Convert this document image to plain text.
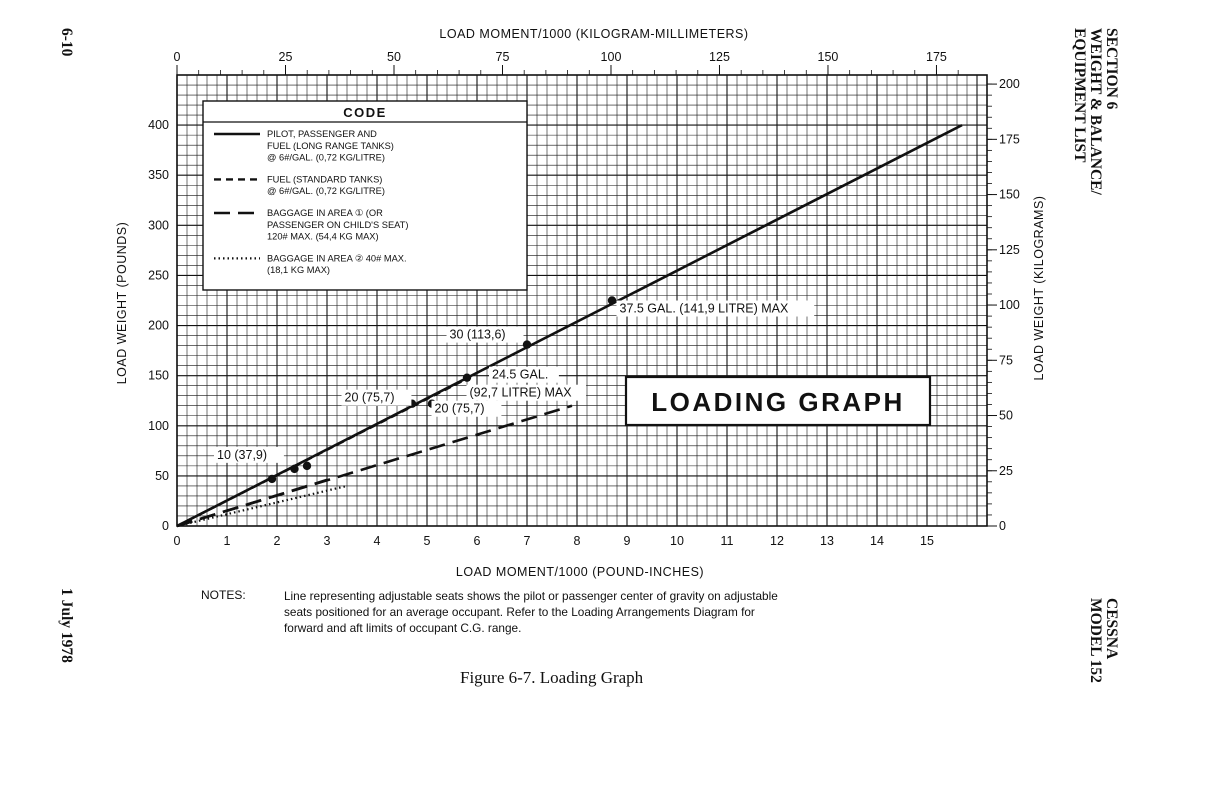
0	1	2	3	4	5	6	7	8	9	10	11	12	13	14	15
0
50
100
150
200
250
300
350
400
0	25	50	75	100	125	150	175
0
25
50
75
100
125
150
175
200
37.5 GAL. (141,9 LITRE) MAX
30 (113,6)
24.5 GAL.
(92,7 LITRE) MAX
20 (75,7)
20 (75,7)
10 (37,9)
LOAD MOMENT/1000 (KILOGRAM-MILLIMETERS)
LOAD MOMENT/1000 (POUND-INCHES)
LOAD WEIGHT (POUNDS)	LOAD WEIGHT (KILOGRAMS)
CODE
PILOT, PASSENGER AND
FUEL (LONG RANGE TANKS)
@ 6#/GAL. (0,72 KG/LITRE)
FUEL (STANDARD TANKS)
@ 6#/GAL. (0,72 KG/LITRE)
BAGGAGE IN AREA ① (OR
PASSENGER ON CHILD'S SEAT)
120# MAX. (54,4 KG MAX)
BAGGAGE IN AREA ② 40# MAX.
(18,1 KG MAX)
LOADING GRAPH
6-10
1 July 1978
SECTION 6
WEIGHT & BALANCE/
EQUIPMENT LIST
CESSNA
MODEL 152
NOTES:	Line representing adjustable seats shows the pilot or passenger center of gravity on adjustable
seats positioned for an average occupant. Refer to the Loading Arrangements Diagram for
forward and aft limits of occupant C.G. range.
Figure 6-7. Loading Graph
